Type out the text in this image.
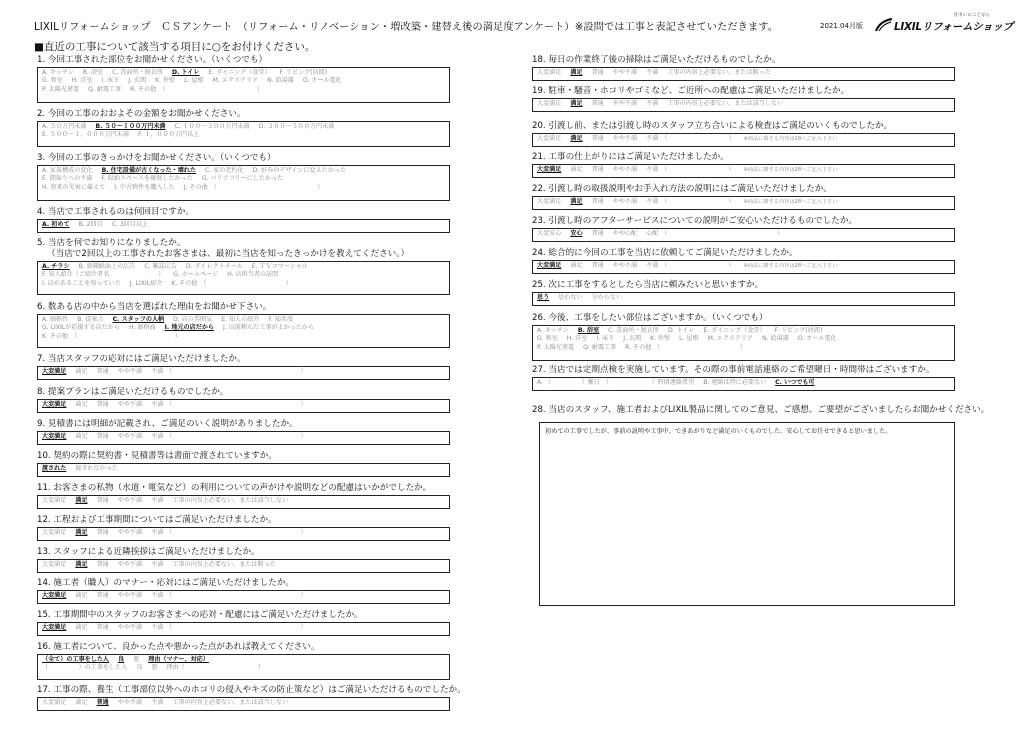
LIXILリフォームショップ　ＣＳアンケート　（リフォーム・リノベーション・増改築・建替え後の満足度アンケート）※設問では工事と表記させていただきます。	2021.04月版
住まいのことなら
LIXILリフォームショップ
■直近の工事について該当する項目に○をお付けください。
1. 今回工事された部位をお聞かせください。（いくつでも）
A. キッチン B. 浴室 C. 洗面所・脱衣所 D. トイレ E. ダイニング（食堂） F. リビング(居間)
G. 和室 H. 洋室 I. 床下 J. 玄関 K. 外壁 L. 屋根 M. エクステリア N. 給湯器 O. オール電化
P. 太陽光発電 Q. 耐震工事 R. その他　（　　　　　　　　　　　　　　　）
2. 今回の工事のおおよその金額をお聞かせください。
A. ５０万円未満 B. ５０～１００万円未満 C. １００～３００万円未満 D. ３００～５００万円未満
E. ５００～１，０００万円未満 F. １，０００万円以上
3. 今回の工事のきっかけをお聞かせください。（いくつでも）
A. 家族構成の変化 B. 住宅設備が古くなった・壊れた C. 家の老朽化 D. 好みのデザインに変えたかった
E. 間取りへの不満 F. 収納スペースを確保したかった G. バリアフリーにしたかった
H. 将来の災害に備えて I. 中古物件を購入した J. その他　（　　　　　　　　　　　　　　　）
4. 当店で工事されるのは何回目ですか。
A. 初めて B. 2回目 C. 3回目以上
5. 当店を何でお知りになりましたか。
（当店で2回以上の工事されたお客さまは、最初に当店を知ったきっかけを教えてください。）
A. チラシ B. 新聞紙面上の広告 C. 雑誌広告 D. ダイレクトメール E. ＴＶコマーシャル
F. 知人紹介（ご紹介者名　　　　　　　　） G. ホームページ H. 店担当者の訪問
I. 店があることを知っていた J. LIXIL紹介 K. その他　（　　　　　　　　　　　　　）
6. 数ある店の中から当店を選ばれた理由をお聞かせ下さい。
A. 価格性 B. 提案力 C. スタッフの人柄 D. 店の雰囲気 E. 知人の紹介 F. 知名度
G. LIXILが応援する店だから H. 価格面 I. 地元の店だから J. 以前頼んだ工事がよかったから
K. その他　（　　　　　　　　　　　　　　　　）
7. 当店スタッフの応対にはご満足いただけましたか。
大変満足 満足 普通 やや不満 不満　（　　　　　　　　　　　　　　　　　　　　　）
8. 提案プランはご満足いただけるものでしたか。
大変満足 満足 普通 やや不満 不満　（　　　　　　　　　　　　　　　　　　　　　）
9. 見積書には明細が記載され、ご満足のいく説明がありましたか。
大変満足 満足 普通 やや不満 不満　（　　　　　　　　　　　　　　　　　　　　　）
10. 契約の際に契約書・見積書等は書面で渡されていますか。
渡された 渡されなかった
11. お客さまの私物（水道・電気など）の利用についての声がけや説明などの配慮はいかがでしたか。
大変満足 満足 普通 やや不満 不満 工事の内容上必要ない、または該当しない
12. 工程および工事期間についてはご満足いただけましたか。
大変満足 満足 普通 やや不満 不満　（　　　　　　　　　　　　　　　　　　　　　）
13. スタッフによる近隣挨拶はご満足いただけましたか。
大変満足 満足 普通 やや不満 不満 工事の内容上必要ない、または断った
14. 施工者（職人）のマナー・応対にはご満足いただけましたか。
大変満足 満足 普通 やや不満 不満　（　　　　　　　　　　　　　　　　　　　　　）
15. 工事期間中のスタッフのお客さまへの応対・配慮にはご満足いただけましたか。
大変満足 満足 普通 やや不満 不満　（　　　　　　　　　　　　　　　　　　　　　）
16. 施工者について、良かった点や悪かった点があれば教えてください。
（全て）の工事をした人 良 悪 理由（マナー、対応）
（　　　　　）の工事をした人 良 悪 理由（　　　　　　　　　　　　）
17. 工事の際、養生（工事部位以外へのホコリの侵入やキズの防止策など）はご満足いただけるものでしたか。
大変満足 満足 普通 やや不満 不満 工事の内容上必要ない、または該当しない
18. 毎日の作業終了後の掃除はご満足いただけるものでしたか。
大変満足 満足 普通 やや不満 不満 工事の内容上必要ない、または断った
19. 駐車・騒音・ホコリやゴミなど、ご近所への配慮はご満足いただけましたか。
大変満足 満足 普通 やや不満 不満 工事の内容上必要ない、または該当しない
20. 引渡し前、または引渡し時のスタッフ立ち合いによる検査はご満足のいくものでしたか。
大変満足 満足 普通 やや不満 不満　（　　　　　　　　　　） ※商品に関する内容は28へご記入下さい
21. 工事の仕上がりにはご満足いただけましたか。
大変満足 満足 普通 やや不満 不満　（　　　　　　　　　　） ※商品に関する内容は28へご記入下さい
22. 引渡し時の取扱説明やお手入れ方法の説明にはご満足いただけましたか。
大変満足 満足 普通 やや不満 不満　（　　　　　　　　　　） ※商品に関する内容は28へご記入下さい
23. 引渡し時のアフターサービスについての説明がご安心いただけるものでしたか。
大変安心 安心 普通 やや心配 心配　（　　　　　　　　　　　　　　　　　　）
24. 総合的に今回の工事を当店に依頼してご満足いただけましたか。
大変満足 満足 普通 やや不満 不満　（　　　　　　　　　　） ※商品に関する内容は28へご記入下さい
25. 次に工事をするとしたら当店に頼みたいと思いますか。
思う 思わない 分からない
26. 今後、工事をしたい部位はございますか。（いくつでも）
A. キッチン B. 浴室 C. 洗面所・脱衣所 D. トイレ E. ダイニング（食堂） F. リビング(居間)
G. 和室 H. 洋室 I. 床下 J. 玄関 K. 外壁 L. 屋根 M. エクステリア N. 給湯器 O. オール電化
P. 太陽光発電 Q. 耐震工事 R. その他　（　　　　　　　　　　　　　）
27. 当店では定期点検を実施しています。その際の事前電話連絡のご希望曜日・時間帯はございますか。
A. （　　　　　）曜日　（　　　　　　　）時頃連絡希望 B. 連絡は特に必要ない C. いつでも可
28. 当店のスタッフ、施工者およびLIXIL製品に関してのご意見、ご感想、ご要望がございましたらお聞かせください。
初めての工事でしたが、事前の説明や工事中、できあがりなど満足のいくものでした。安心してお任せできると思いました。
